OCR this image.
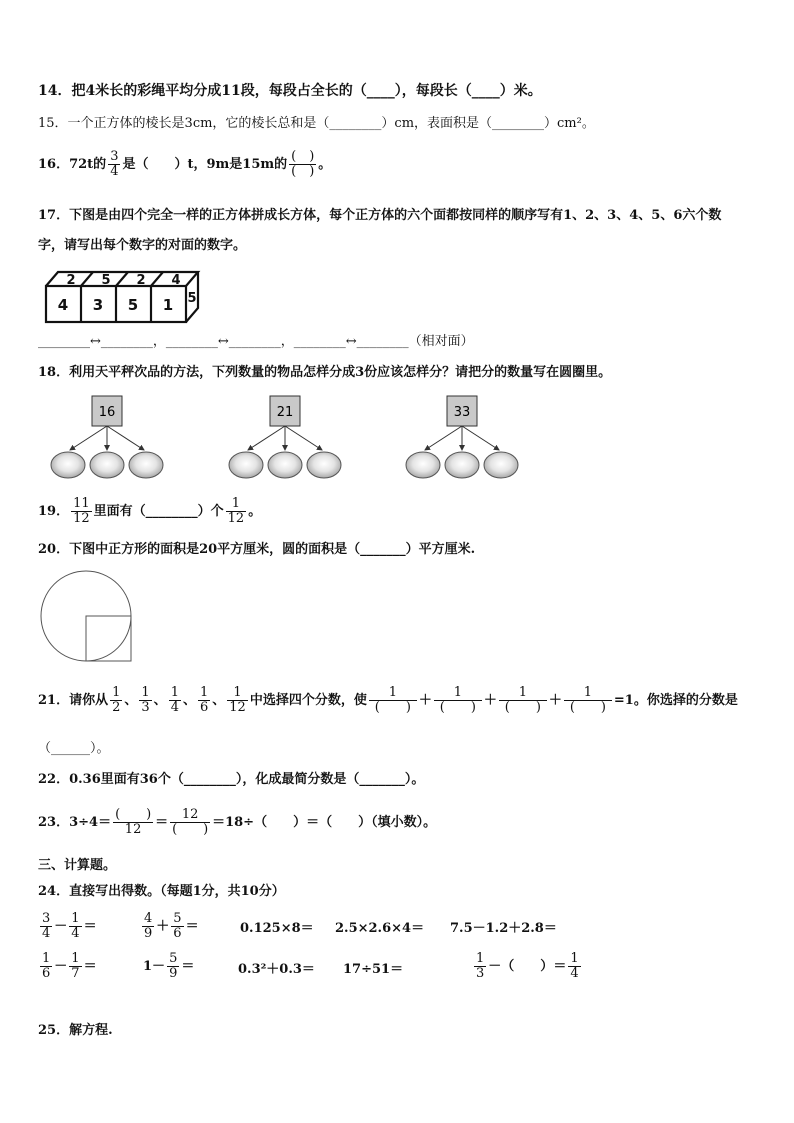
14．把4米长的彩绳平均分成11段，每段占全长的（____），每段长（____）米。
15．一个正方体的棱长是3cm，它的棱长总和是（________）cm，表面积是（________）cm²。
16．72t的 $\frac{3}{4}$ 是（　　）t，9m是15m的 $\frac{( )}{( )}$ 。
17．下图是由四个完全一样的正方体拼成长方体，每个正方体的六个面都按同样的顺序写有1、2、3、4、5、6六个数
字，请写出每个数字的对面的数字。
4 3 5 1
2 5 2 4
5
________↔________，________↔________，________↔________（相对面）
18．利用天平秤次品的方法，下列数量的物品怎样分成3份应该怎样分？请把分的数量写在圆圈里。
16	21	33
19． $\frac{11}{12}$ 里面有（________）个 $\frac{1}{12}$ 。
20．下图中正方形的面积是20平方厘米，圆的面积是（_______）平方厘米.
21．请你从 $\frac{1}{2}$ 、 $\frac{1}{3}$ 、 $\frac{1}{4}$ 、 $\frac{1}{6}$ 、 $\frac{1}{12}$ 中选择四个分数，使 $\frac{1}{( )} + \frac{1}{( )} + \frac{1}{( )} + \frac{1}{( )} =1$。你选择的分数是
（______）。
22．0.36里面有36个（________），化成最简分数是（_______）。
23．$3\div 4= \frac{( )}{12} = \frac{12}{( )} =18\div$（　　）＝（　　）（填小数）。
三、计算题。
24．直接写出得数。（每题1分，共10分）
$\frac{3}{4} - \frac{1}{4}$ ＝	$\frac{4}{9} + \frac{5}{6}$ ＝	0.125×8＝ 2.5×2.6×4＝ 7.5－1.2＋2.8＝
$\frac{1}{6} - \frac{1}{7}$ ＝	$1- \frac{5}{9}$ ＝	0.3²＋0.3＝ 17÷51＝	$\frac{1}{3}$ －（　　）＝ $\frac{1}{4}$
25．解方程.
